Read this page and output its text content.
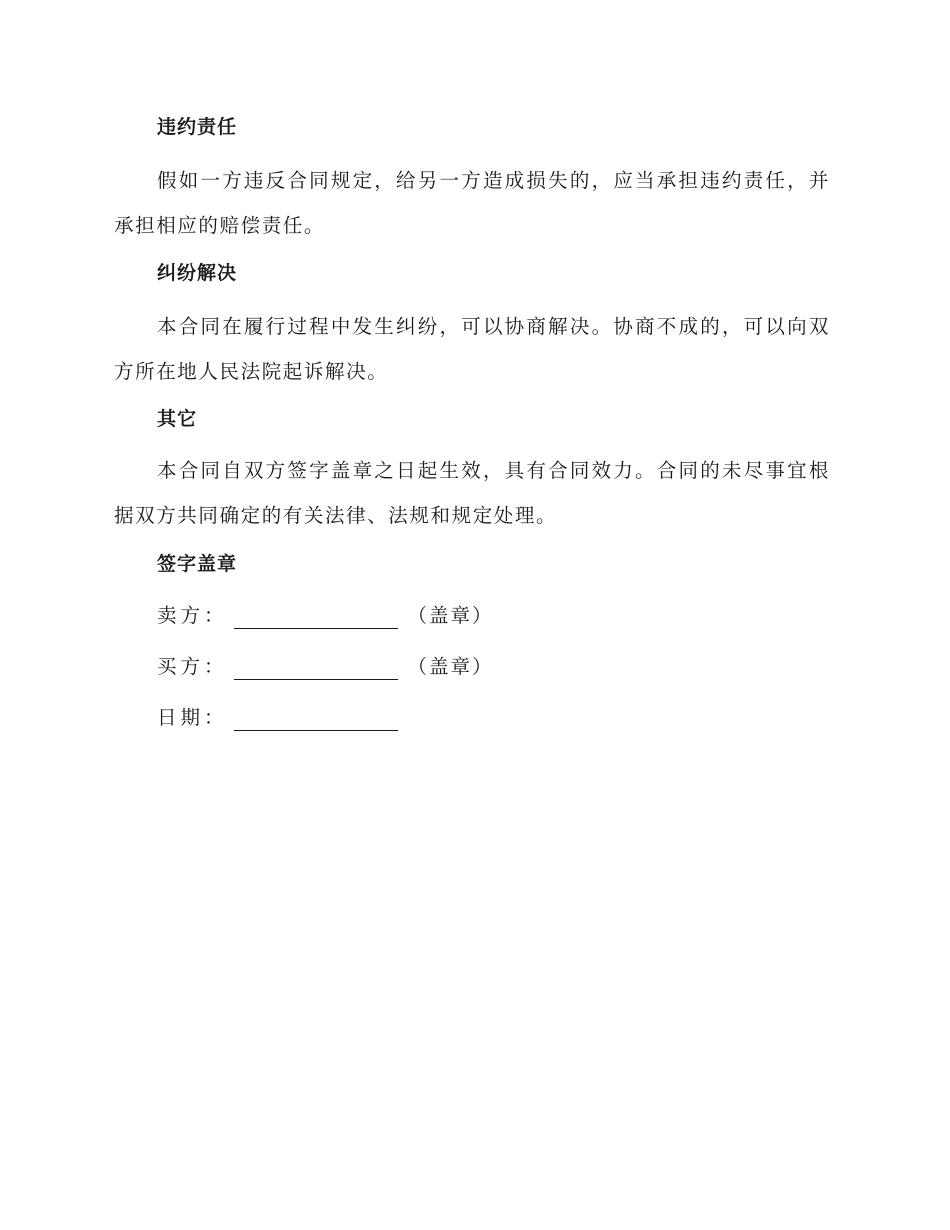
违约责任
假如一方违反合同规定，给另一方造成损失的，应当承担违约责任，并承担相应的赔偿责任。
纠纷解决
本合同在履行过程中发生纠纷，可以协商解决。协商不成的，可以向双方所在地人民法院起诉解决。
其它
本合同自双方签字盖章之日起生效，具有合同效力。合同的未尽事宜根据双方共同确定的有关法律、法规和规定处理。
签字盖章
卖方：	（盖章）
买方：	（盖章）
日期：
